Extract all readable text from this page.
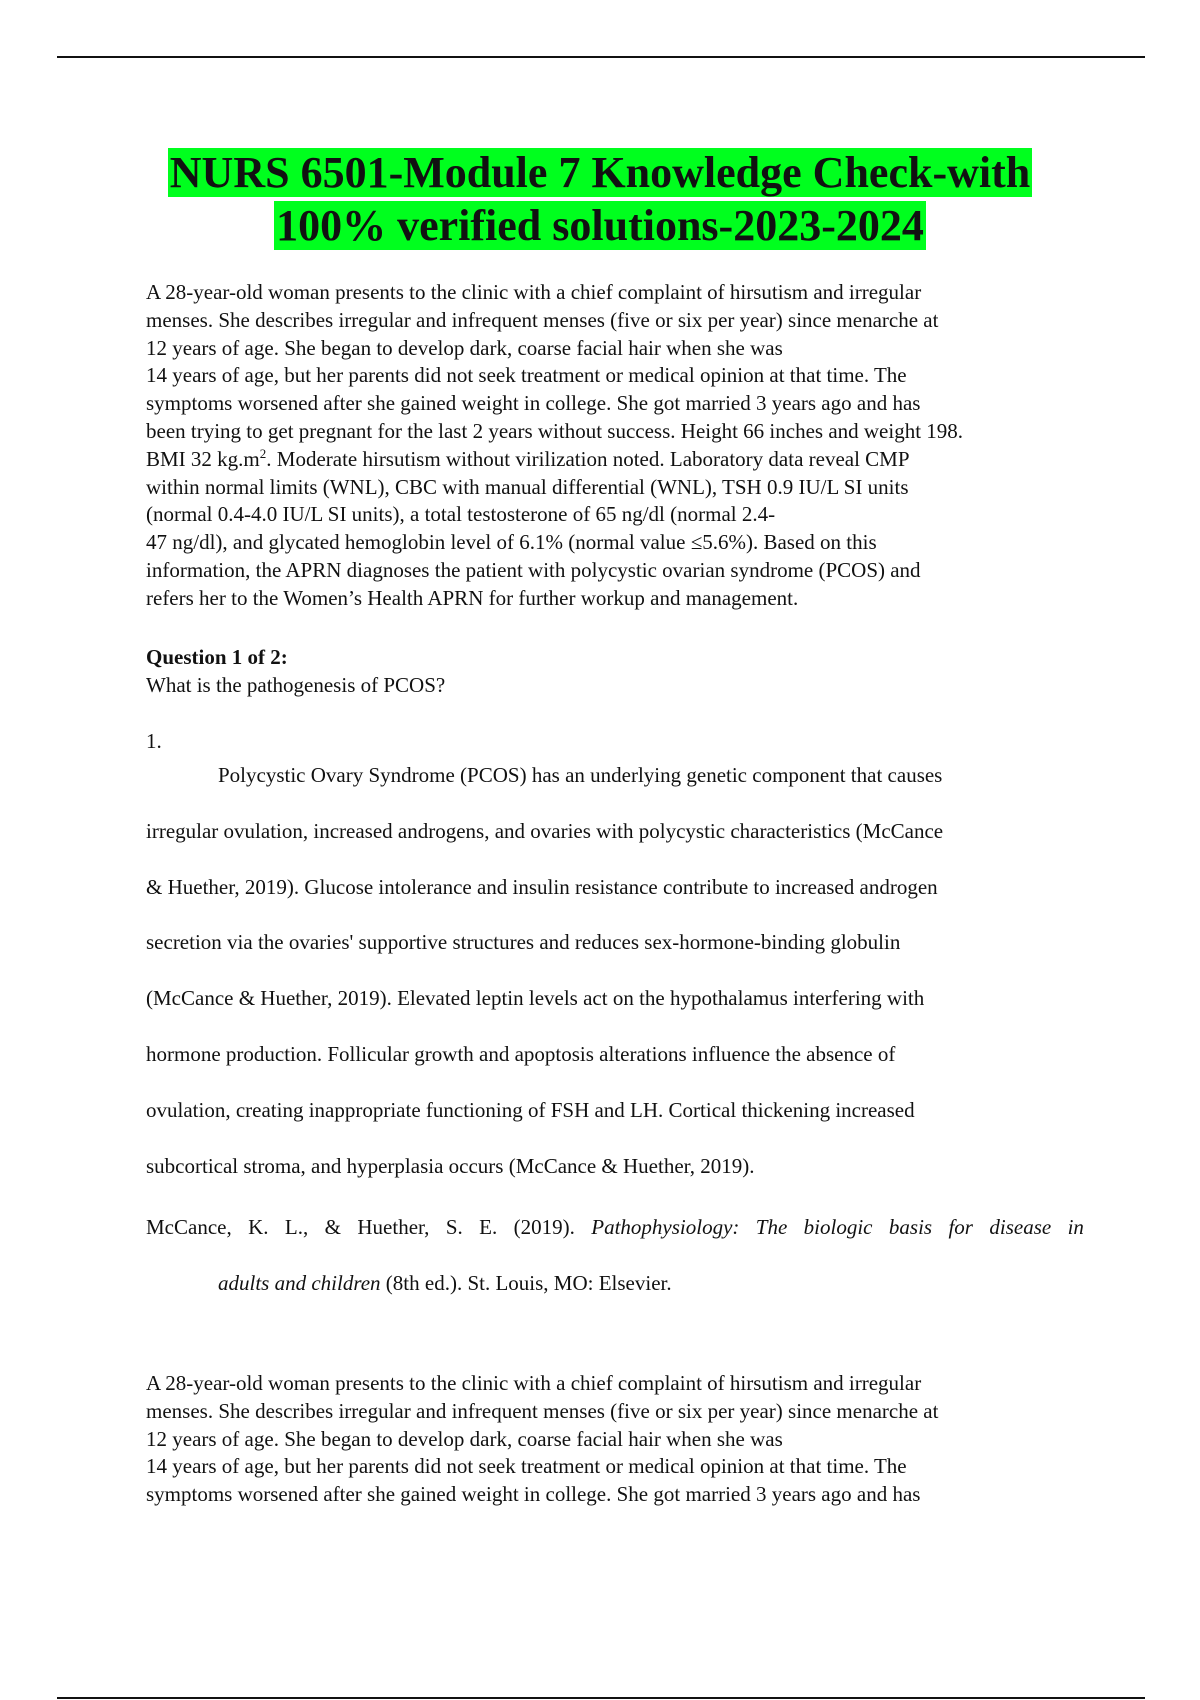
NURS 6501-Module 7 Knowledge Check-with
100% verified solutions-2023-2024
A 28-year-old woman presents to the clinic with a chief complaint of hirsutism and irregular
menses. She describes irregular and infrequent menses (five or six per year) since menarche at
12 years of age. She began to develop dark, coarse facial hair when she was
14 years of age, but her parents did not seek treatment or medical opinion at that time. The
symptoms worsened after she gained weight in college. She got married 3 years ago and has
been trying to get pregnant for the last 2 years without success. Height 66 inches and weight 198.
BMI 32 $kg.m^2$. Moderate hirsutism without virilization noted. Laboratory data reveal CMP
within normal limits (WNL), CBC with manual differential (WNL), TSH 0.9 IU/L SI units
(normal 0.4-4.0 IU/L SI units), a total testosterone of 65 ng/dl (normal 2.4-
47 ng/dl), and glycated hemoglobin level of 6.1% (normal value ≤5.6%). Based on this
information, the APRN diagnoses the patient with polycystic ovarian syndrome (PCOS) and
refers her to the Women’s Health APRN for further workup and management.
Question 1 of 2:
What is the pathogenesis of PCOS?
1.
Polycystic Ovary Syndrome (PCOS) has an underlying genetic component that causes
irregular ovulation, increased androgens, and ovaries with polycystic characteristics (McCance
& Huether, 2019). Glucose intolerance and insulin resistance contribute to increased androgen
secretion via the ovaries' supportive structures and reduces sex-hormone-binding globulin
(McCance & Huether, 2019). Elevated leptin levels act on the hypothalamus interfering with
hormone production. Follicular growth and apoptosis alterations influence the absence of
ovulation, creating inappropriate functioning of FSH and LH. Cortical thickening increased
subcortical stroma, and hyperplasia occurs (McCance & Huether, 2019).
McCance, K. L., & Huether, S. E. (2019). Pathophysiology: The biologic basis for disease in
adults and children (8th ed.). St. Louis, MO: Elsevier.
A 28-year-old woman presents to the clinic with a chief complaint of hirsutism and irregular
menses. She describes irregular and infrequent menses (five or six per year) since menarche at
12 years of age. She began to develop dark, coarse facial hair when she was
14 years of age, but her parents did not seek treatment or medical opinion at that time. The
symptoms worsened after she gained weight in college. She got married 3 years ago and has
